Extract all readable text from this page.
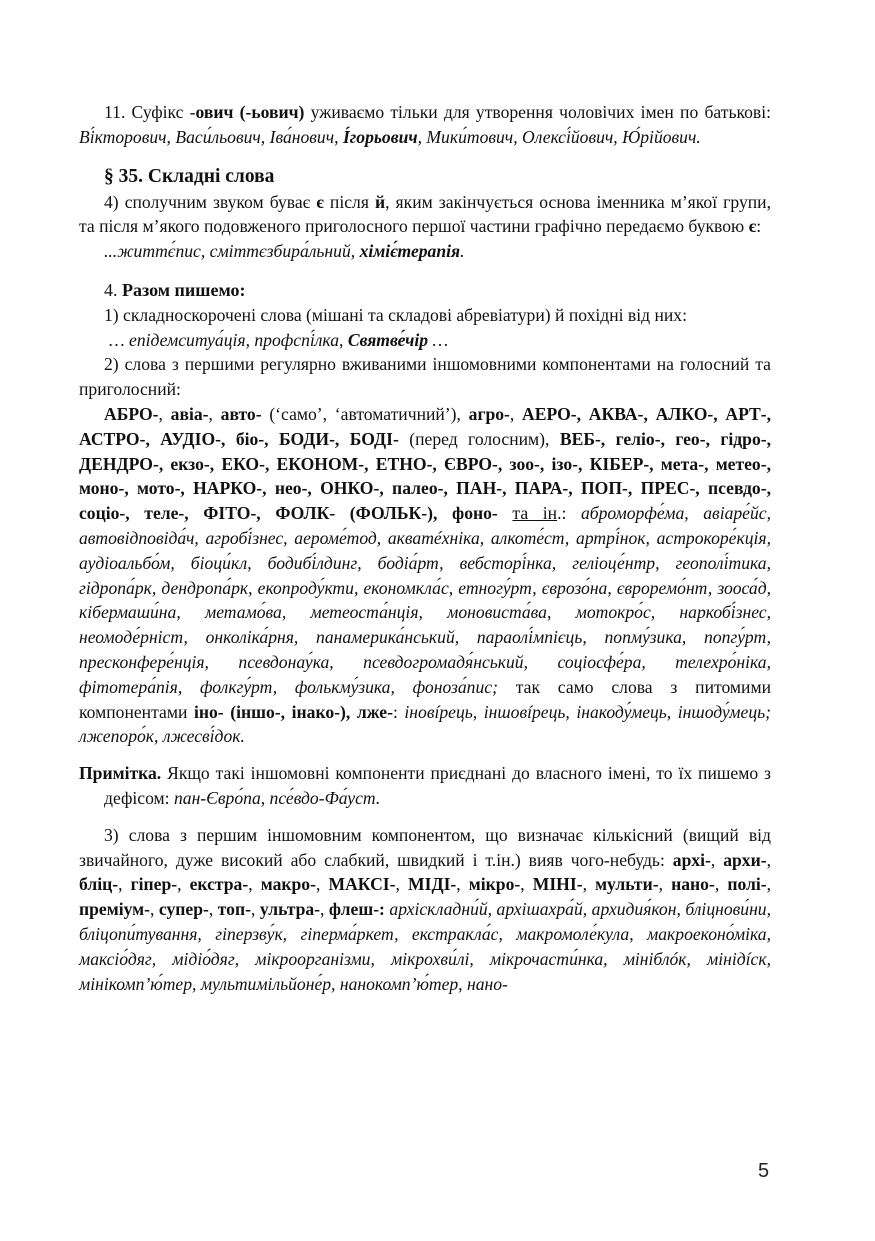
11. Суфікс -ович (-ьович) уживаємо тільки для утворення чоловічих імен по батькові: Ві́кторович, Васи́льович, Іва́нович, І́горьович, Мики́тович, Олексі́йович, Ю́рійович.

§ 35. Складні слова

4) сполучним звуком буває є після й, яким закінчується основа іменника м’якої групи, та після м’якого подовженого приголосного першої частини графічно передаємо буквою є:

...життє́пис, сміттєзбира́льний, хіміє́терапія.

4. Разом пишемо:

1) складноскорочені слова (мішані та складові абревіатури) й похідні від них:

… епідемситуа́ція, профспі́лка, Святве́чір …

2) слова з першими регулярно вживаними іншомовними компонентами на голосний та приголосний:

АБРО-, авіа-, авто- (‘само’, ‘автоматичний’), агро-, АЕРО-, АКВА-, АЛКО-, АРТ-, АСТРО-, АУДІО-, біо-, БОДИ-, БОДІ- (перед голосним), ВЕБ-, геліо-, гео-, гідро-, ДЕНДРО-, екзо-, ЕКО-, ЕКОНОМ-, ЕТНО-, ЄВРО-, зоо-, ізо-, КІБЕР-, мета-, метео-, моно-, мото-, НАРКО-, нео-, ОНКО-, палео-, ПАН-, ПАРА-, ПОП-, ПРЕС-, псевдо-, соціо-, теле-, ФІТО-, ФОЛК- (ФОЛЬК-), фоно- та ін.: аброморфе́ма, авіаре́йс, автовідповіда́ч, агробі́знес, аероме́тод, акватéхніка, алкоте́ст, артрі́нок, астрокоре́кція, аудіоальбо́м, біоци́кл, бодибі́лдинг, бодіа́рт, вебсторі́нка, геліоце́нтр, геополі́тика, гідропа́рк, дендропа́рк, екопроду́кти, економкла́с, етногу́рт, єврозо́на, євроремо́нт, зооса́д, кібермаши́на, метамо́ва, метеоста́нція, моновиста́ва, мотокро́с, наркобі́знес, неомоде́рніст, онколіка́рня, панамерика́нський, параолі́мпієць, попму́зика, попгу́рт, пресконфере́нція, псевдонау́ка, псевдогромадя́нський, соціосфе́ра, телехро́ніка, фітотера́пія, фолкгу́рт, фолькму́зика, фоноза́пис; так само слова з питомими компонентами іно- (іншо-, інако-), лже-: іновíрець, іншовíрець, інакоду́мець, іншоду́мець; лжепоро́к, лжесві́док.

Примітка. Якщо такі іншомовні компоненти приєднані до власного імені, то їх пишемо з дефісом: пан-Євро́па, псе́вдо-Фа́уст.

3) слова з першим іншомовним компонентом, що визначає кількісний (вищий від звичайного, дуже високий або слабкий, швидкий і т.ін.) вияв чого-небудь: архі-, архи-, бліц-, гіпер-, екстра-, макро-, МАКСІ-, МІДІ-, мікро-, МІНІ-, мульти-, нано-, полі-, преміум-, супер-, топ-, ультра-, флеш-: архіскладни́й, архішахра́й, архидия́кон, бліцнови́ни, бліцопи́тування, гіперзву́к, гіперма́ркет, екстракла́с, макромоле́кула, макроеконо́міка, максіо́дяг, мідіо́дяг, мікроорганізми, мікрохви́лі, мікрочасти́нка, мініблóк, мінідíск, мінікомп’ю́тер, мультимільйоне́р, нанокомп’ю́тер, нано-

5
